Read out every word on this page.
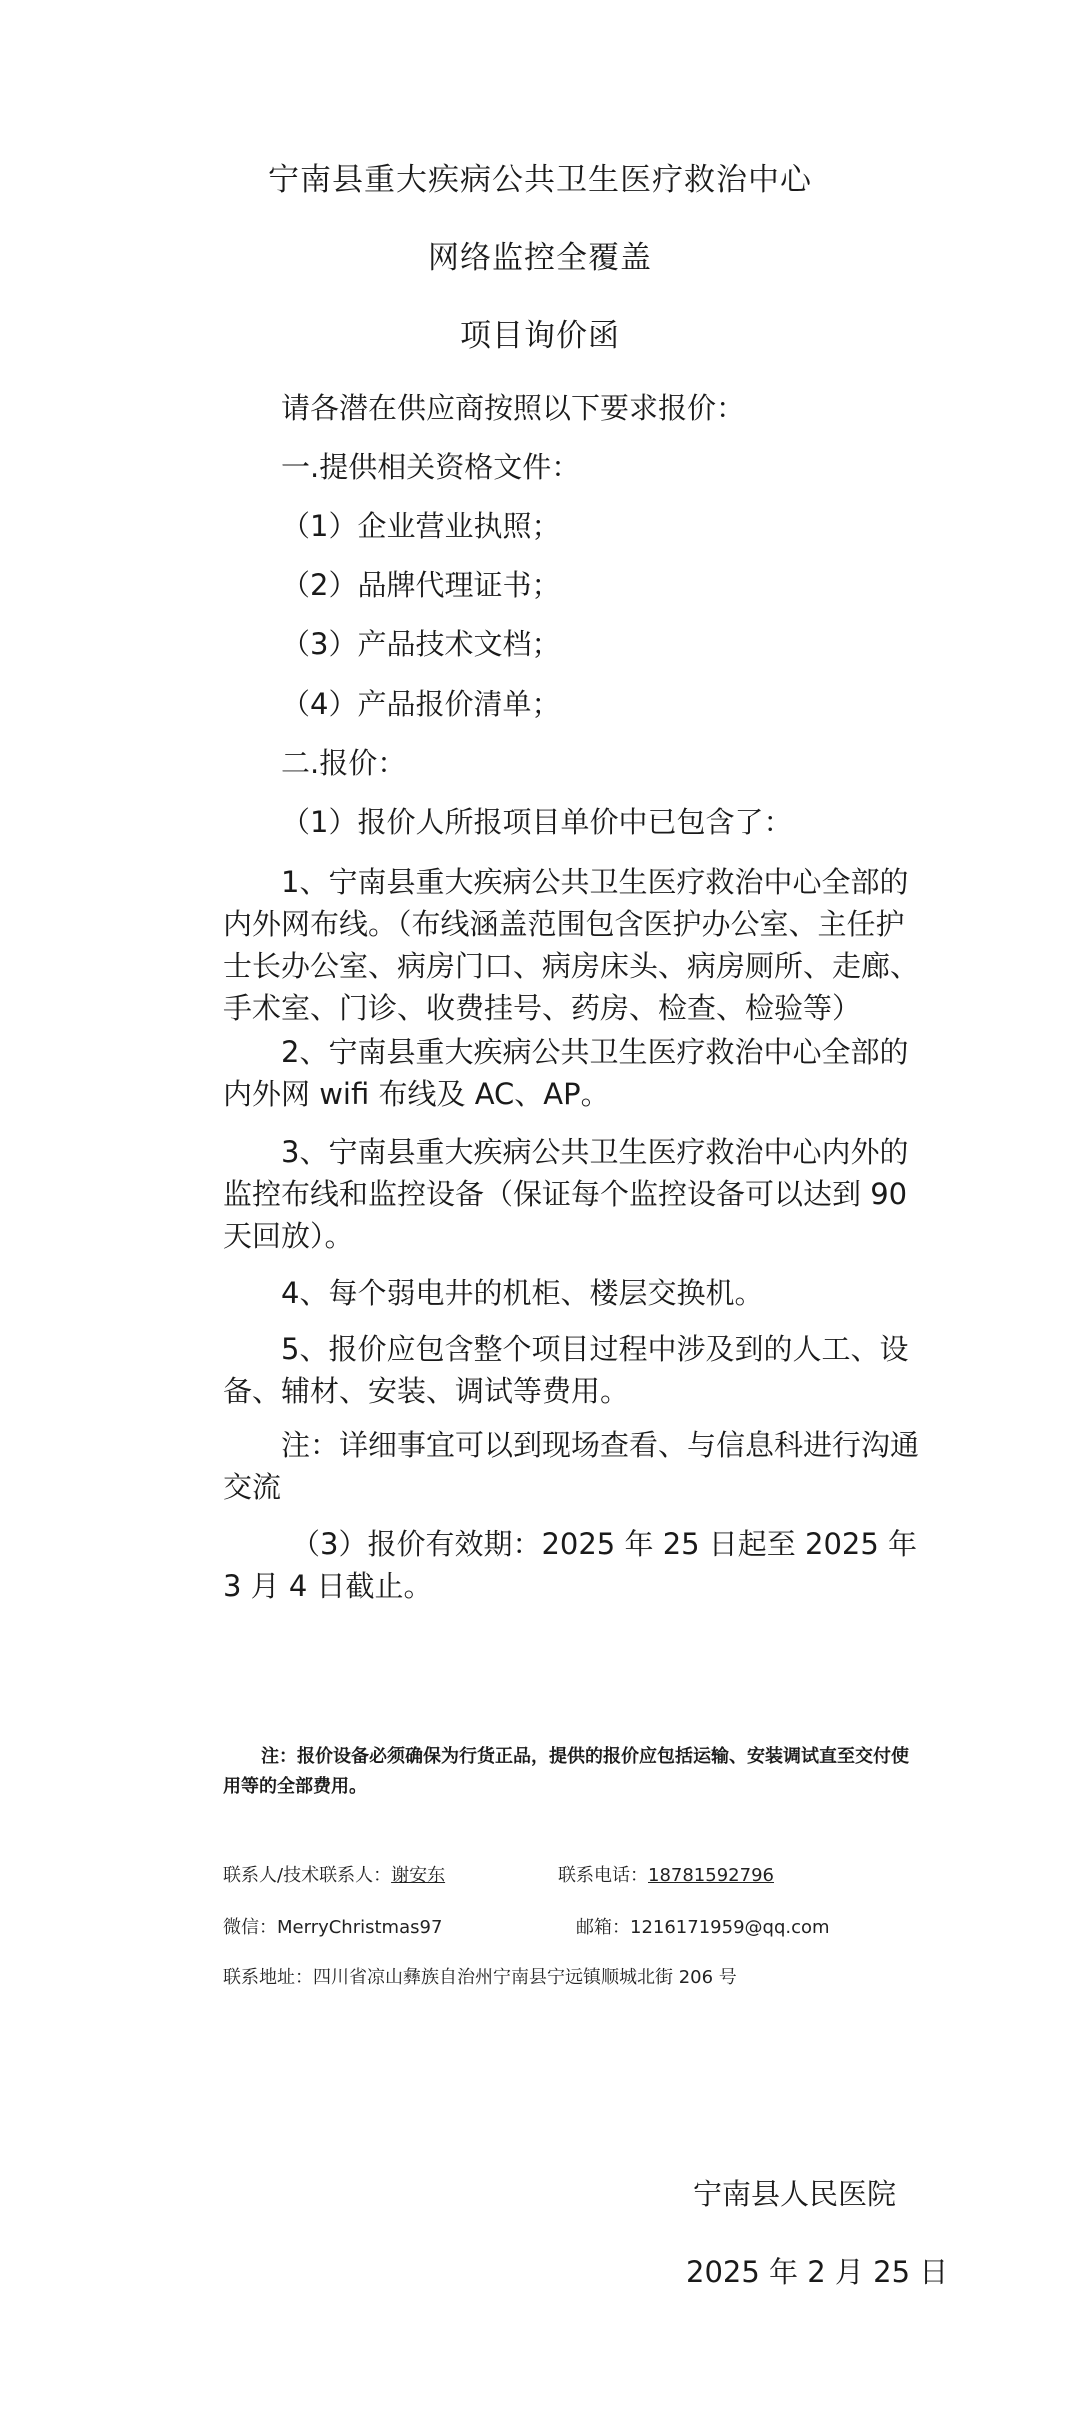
宁南县重大疾病公共卫生医疗救治中心
网络监控全覆盖
项目询价函
请各潜在供应商按照以下要求报价：
一.提供相关资格文件：
（1）企业营业执照；
（2）品牌代理证书；
（3）产品技术文档；
（4）产品报价清单；
二.报价：
（1）报价人所报项目单价中已包含了：
1、宁南县重大疾病公共卫生医疗救治中心全部的内外网布线。（布线涵盖范围包含医护办公室、主任护士长办公室、病房门口、病房床头、病房厕所、走廊、手术室、门诊、收费挂号、药房、检查、检验等）
2、宁南县重大疾病公共卫生医疗救治中心全部的内外网 wifi 布线及 AC、AP。
3、宁南县重大疾病公共卫生医疗救治中心内外的监控布线和监控设备（保证每个监控设备可以达到 90 天回放）。
4、每个弱电井的机柜、楼层交换机。
5、报价应包含整个项目过程中涉及到的人工、设备、辅材、安装、调试等费用。
注：详细事宜可以到现场查看、与信息科进行沟通交流
（3）报价有效期：2025 年 25 日起至 2025 年 3 月 4 日截止。
注：报价设备必须确保为行货正品，提供的报价应包括运输、安装调试直至交付使用等的全部费用。
联系人/技术联系人：谢安东	联系电话：18781592796
微信：MerryChristmas97	邮箱：1216171959@qq.com
联系地址：四川省凉山彝族自治州宁南县宁远镇顺城北街 206 号
宁南县人民医院
2025 年 2 月 25 日
